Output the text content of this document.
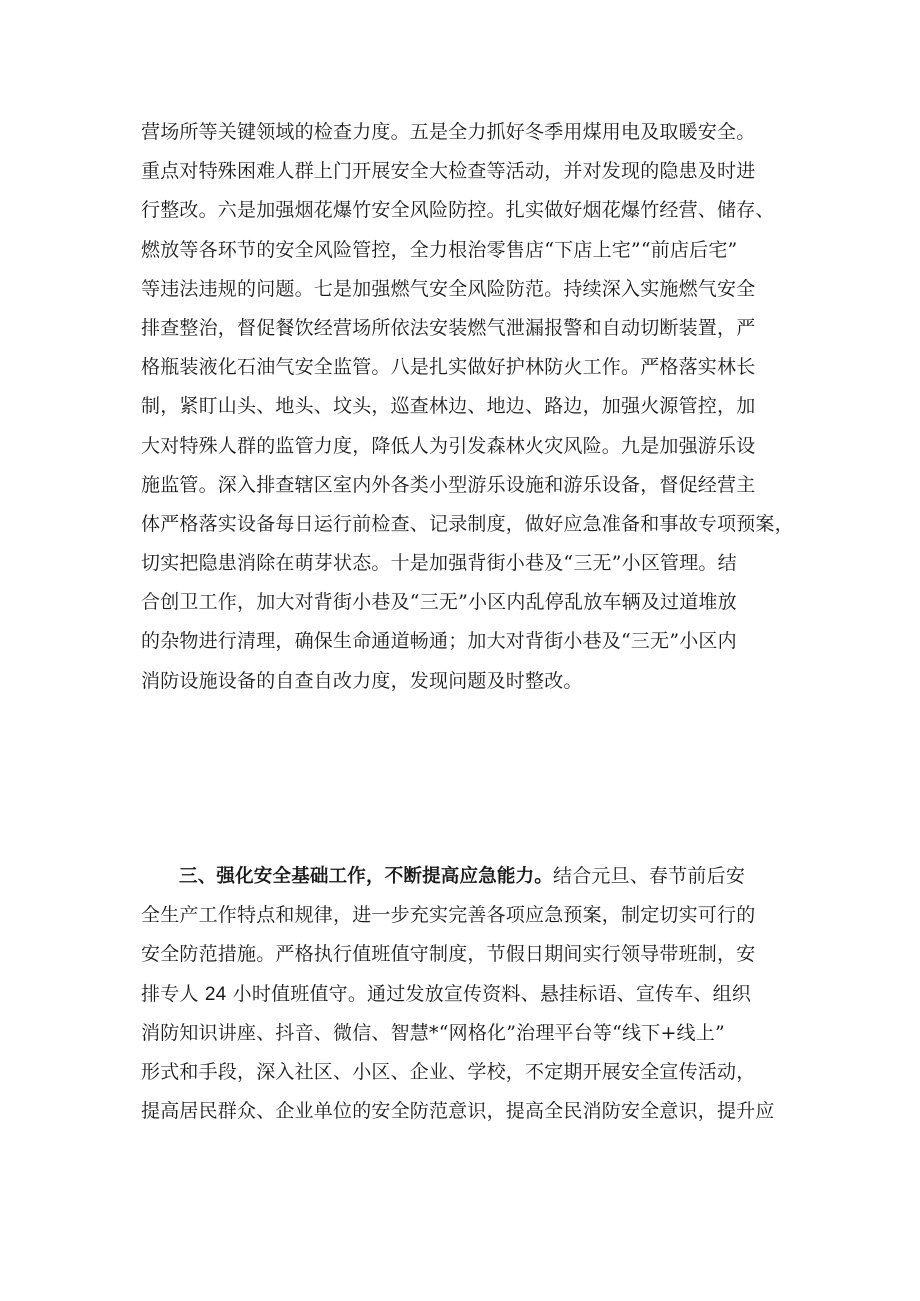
营场所等关键领域的检查力度。五是全力抓好冬季用煤用电及取暖安全。
重点对特殊困难人群上门开展安全大检查等活动，并对发现的隐患及时进
行整改。六是加强烟花爆竹安全风险防控。扎实做好烟花爆竹经营、储存、
燃放等各环节的安全风险管控，全力根治零售店“下店上宅”“前店后宅”
等违法违规的问题。七是加强燃气安全风险防范。持续深入实施燃气安全
排查整治，督促餐饮经营场所依法安装燃气泄漏报警和自动切断装置，严
格瓶装液化石油气安全监管。八是扎实做好护林防火工作。严格落实林长
制，紧盯山头、地头、坟头，巡查林边、地边、路边，加强火源管控，加
大对特殊人群的监管力度，降低人为引发森林火灾风险。九是加强游乐设
施监管。深入排查辖区室内外各类小型游乐设施和游乐设备，督促经营主
体严格落实设备每日运行前检查、记录制度，做好应急准备和事故专项预案，
切实把隐患消除在萌芽状态。十是加强背街小巷及“三无”小区管理。结
合创卫工作，加大对背街小巷及“三无”小区内乱停乱放车辆及过道堆放
的杂物进行清理，确保生命通道畅通；加大对背街小巷及“三无”小区内
消防设施设备的自查自改力度，发现问题及时整改。
三、强化安全基础工作，不断提高应急能力。结合元旦、春节前后安
全生产工作特点和规律，进一步充实完善各项应急预案，制定切实可行的
安全防范措施。严格执行值班值守制度，节假日期间实行领导带班制，安
排专人 24 小时值班值守。通过发放宣传资料、悬挂标语、宣传车、组织
消防知识讲座、抖音、微信、智慧*“网格化”治理平台等“线下+线上”
形式和手段，深入社区、小区、企业、学校，不定期开展安全宣传活动，
提高居民群众、企业单位的安全防范意识，提高全民消防安全意识，提升应
